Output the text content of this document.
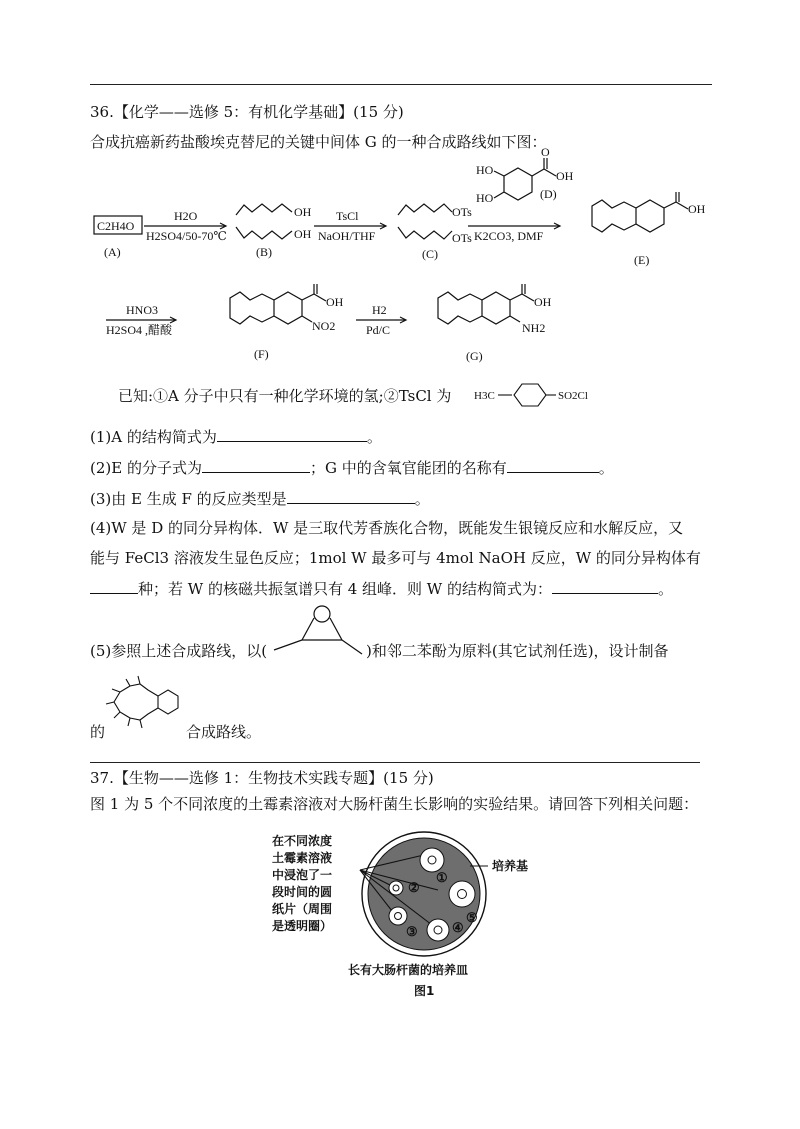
36.【化学——选修 5：有机化学基础】(15 分)
合成抗癌新药盐酸埃克替尼的关键中间体 G 的一种合成路线如下图：
C2H4O
(A)
H2O
H2SO4/50-70℃
OH
OH
(B)
TsCl
NaOH/THF
OTs
OTs
(C)
HO
HO
O
OH
(D)
K2CO3, DMF
OH
(E)
HNO3
H2SO4 ,醋酸
OH
NO2
(F)
H2
Pd/C
OH
NH2
(G)
已知:①A 分子中只有一种化学环境的氢;②TsCl 为 H3C	SO2Cl
(1)A 的结构简式为	。
(2)E 的分子式为	；G 中的含氧官能团的名称有	。
(3)由 E 生成 F 的反应类型是	。
(4)W 是 D 的同分异构体．W 是三取代芳香族化合物，既能发生银镜反应和水解反应，又
能与 FeCl3 溶液发生显色反应；1mol W 最多可与 4mol NaOH 反应，W 的同分异构体有
种；若 W 的核磁共振氢谱只有 4 组峰．则 W 的结构简式为：	。
(5)参照上述合成路线，以(	)和邻二苯酚为原料(其它试剂任选)，设计制备
的	合成路线。
37.【生物——选修 1：生物技术实践专题】(15 分)
图 1 为 5 个不同浓度的土霉素溶液对大肠杆菌生长影响的实验结果。请回答下列相关问题：
在不同浓度
土霉素溶液
中浸泡了一
段时间的圆
纸片（周围
是透明圈）
①
②
③	④
⑤
培养基
长有大肠杆菌的培养皿
图1
